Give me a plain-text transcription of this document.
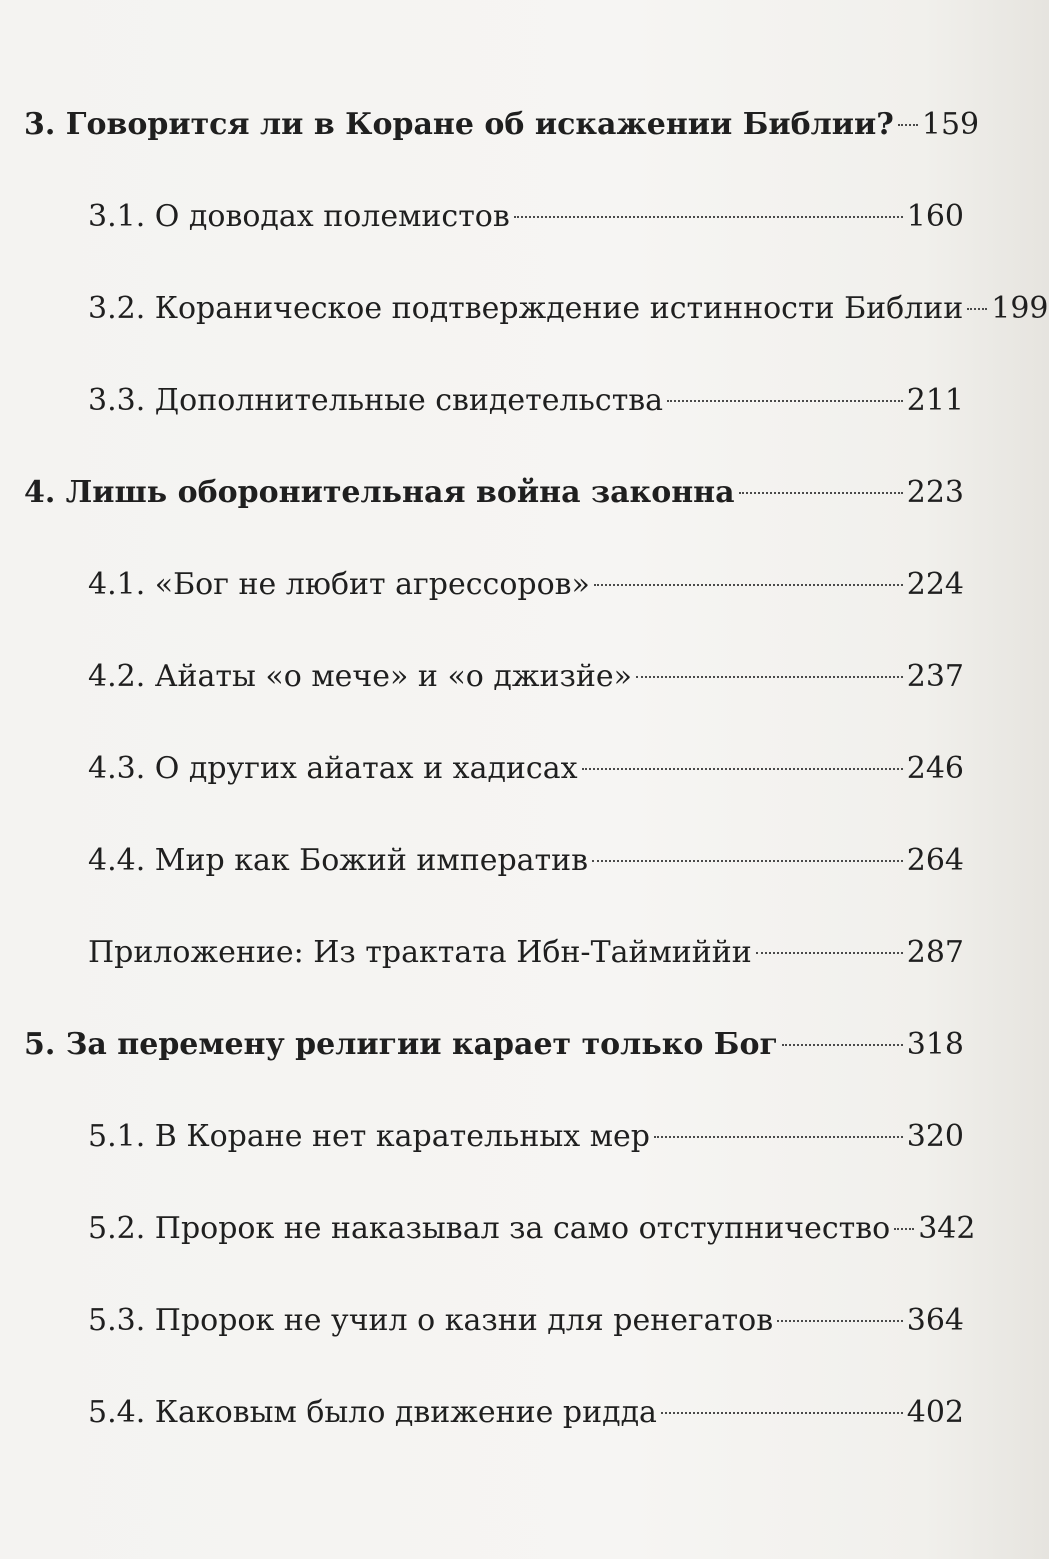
3. Говорится ли в Коране об искажении Библии? 159
3.1. О доводах полемистов	160
3.2. Кораническое подтверждение истинности Библии 199
3.3. Дополнительные свидетельства	211
4. Лишь оборонительная война законна	223
4.1. «Бог не любит агрессоров»	224
4.2. Айаты «о мече» и «о джизйе»	237
4.3. О других айатах и хадисах	246
4.4. Мир как Божий императив	264
Приложение: Из трактата Ибн-Таймиййи	287
5. За перемену религии карает только Бог	318
5.1. В Коране нет карательных мер	320
5.2. Пророк не наказывал за само отступничество 342
5.3. Пророк не учил о казни для ренегатов	364
5.4. Каковым было движение ридда	402
